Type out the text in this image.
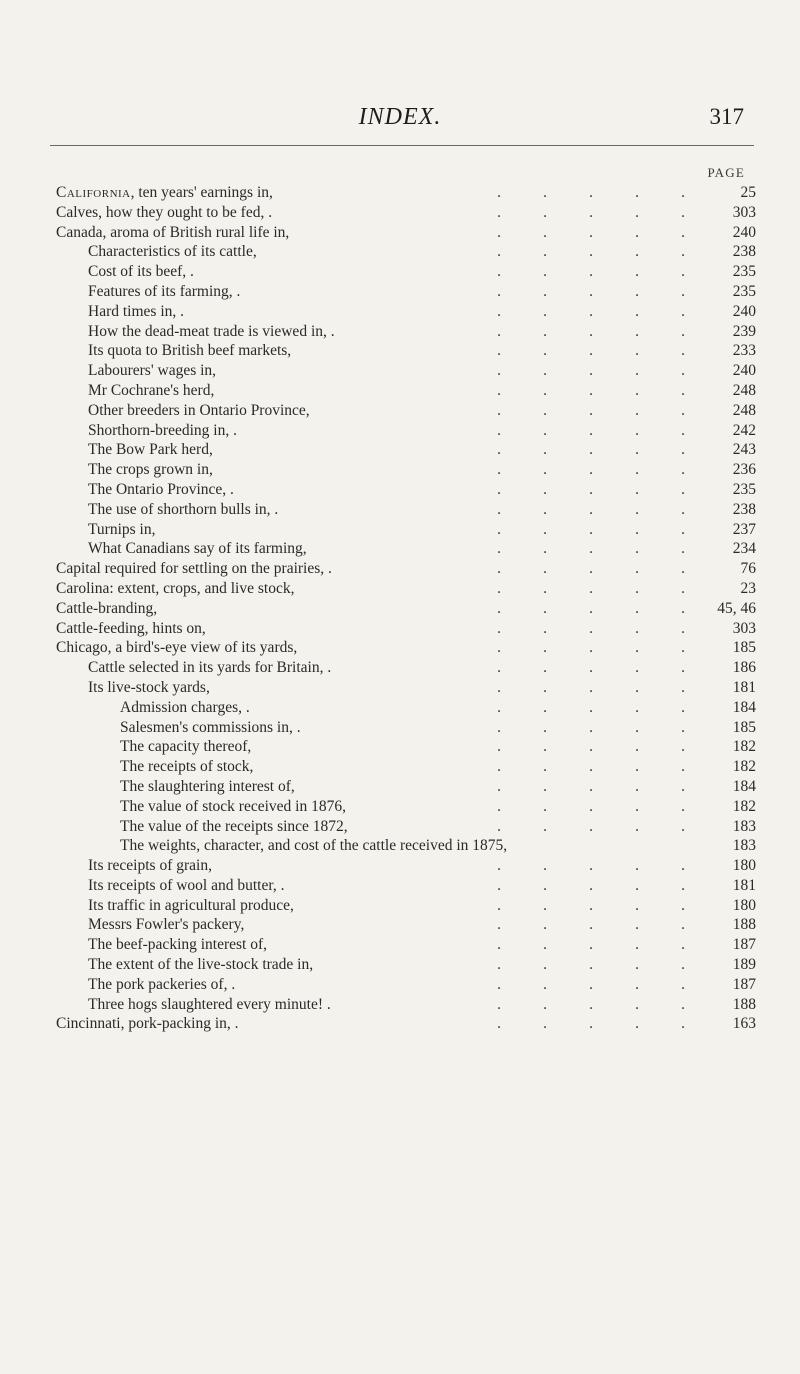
INDEX.	317
PAGE
California, ten years' earnings in,	.	.	.	.	.	25
Calves, how they ought to be fed, .	.	.	.	.	.	303
Canada, aroma of British rural life in,	.	.	.	.	.	240
Characteristics of its cattle,	.	.	.	.	.	238
Cost of its beef, .	.	.	.	.	.	235
Features of its farming, .	.	.	.	.	.	235
Hard times in, .	.	.	.	.	.	240
How the dead-meat trade is viewed in, .	.	.	.	.	.	239
Its quota to British beef markets,	.	.	.	.	.	233
Labourers' wages in,	.	.	.	.	.	240
Mr Cochrane's herd,	.	.	.	.	.	248
Other breeders in Ontario Province,	.	.	.	.	.	248
Shorthorn-breeding in, .	.	.	.	.	.	242
The Bow Park herd,	.	.	.	.	.	243
The crops grown in,	.	.	.	.	.	236
The Ontario Province, .	.	.	.	.	.	235
The use of shorthorn bulls in, .	.	.	.	.	.	238
Turnips in,	.	.	.	.	.	237
What Canadians say of its farming,	.	.	.	.	.	234
Capital required for settling on the prairies, .	.	.	.	.	.	76
Carolina: extent, crops, and live stock,	.	.	.	.	.	23
Cattle-branding,	.	.	.	.	.	45, 46
Cattle-feeding, hints on,	.	.	.	.	.	303
Chicago, a bird's-eye view of its yards,	.	.	.	.	.	185
Cattle selected in its yards for Britain, .	.	.	.	.	.	186
Its live-stock yards,	.	.	.	.	.	181
Admission charges, .	.	.	.	.	.	184
Salesmen's commissions in, .	.	.	.	.	.	185
The capacity thereof,	.	.	.	.	.	182
The receipts of stock,	.	.	.	.	.	182
The slaughtering interest of,	.	.	.	.	.	184
The value of stock received in 1876,	.	.	.	.	.	182
The value of the receipts since 1872,	.	.	.	.	.	183
The weights, character, and cost of the cattle received in 1875,	183
Its receipts of grain,	.	.	.	.	.	180
Its receipts of wool and butter, .	.	.	.	.	.	181
Its traffic in agricultural produce,	.	.	.	.	.	180
Messrs Fowler's packery,	.	.	.	.	.	188
The beef-packing interest of,	.	.	.	.	.	187
The extent of the live-stock trade in,	.	.	.	.	.	189
The pork packeries of, .	.	.	.	.	.	187
Three hogs slaughtered every minute! .	.	.	.	.	.	188
Cincinnati, pork-packing in, .	.	.	.	.	.	163
